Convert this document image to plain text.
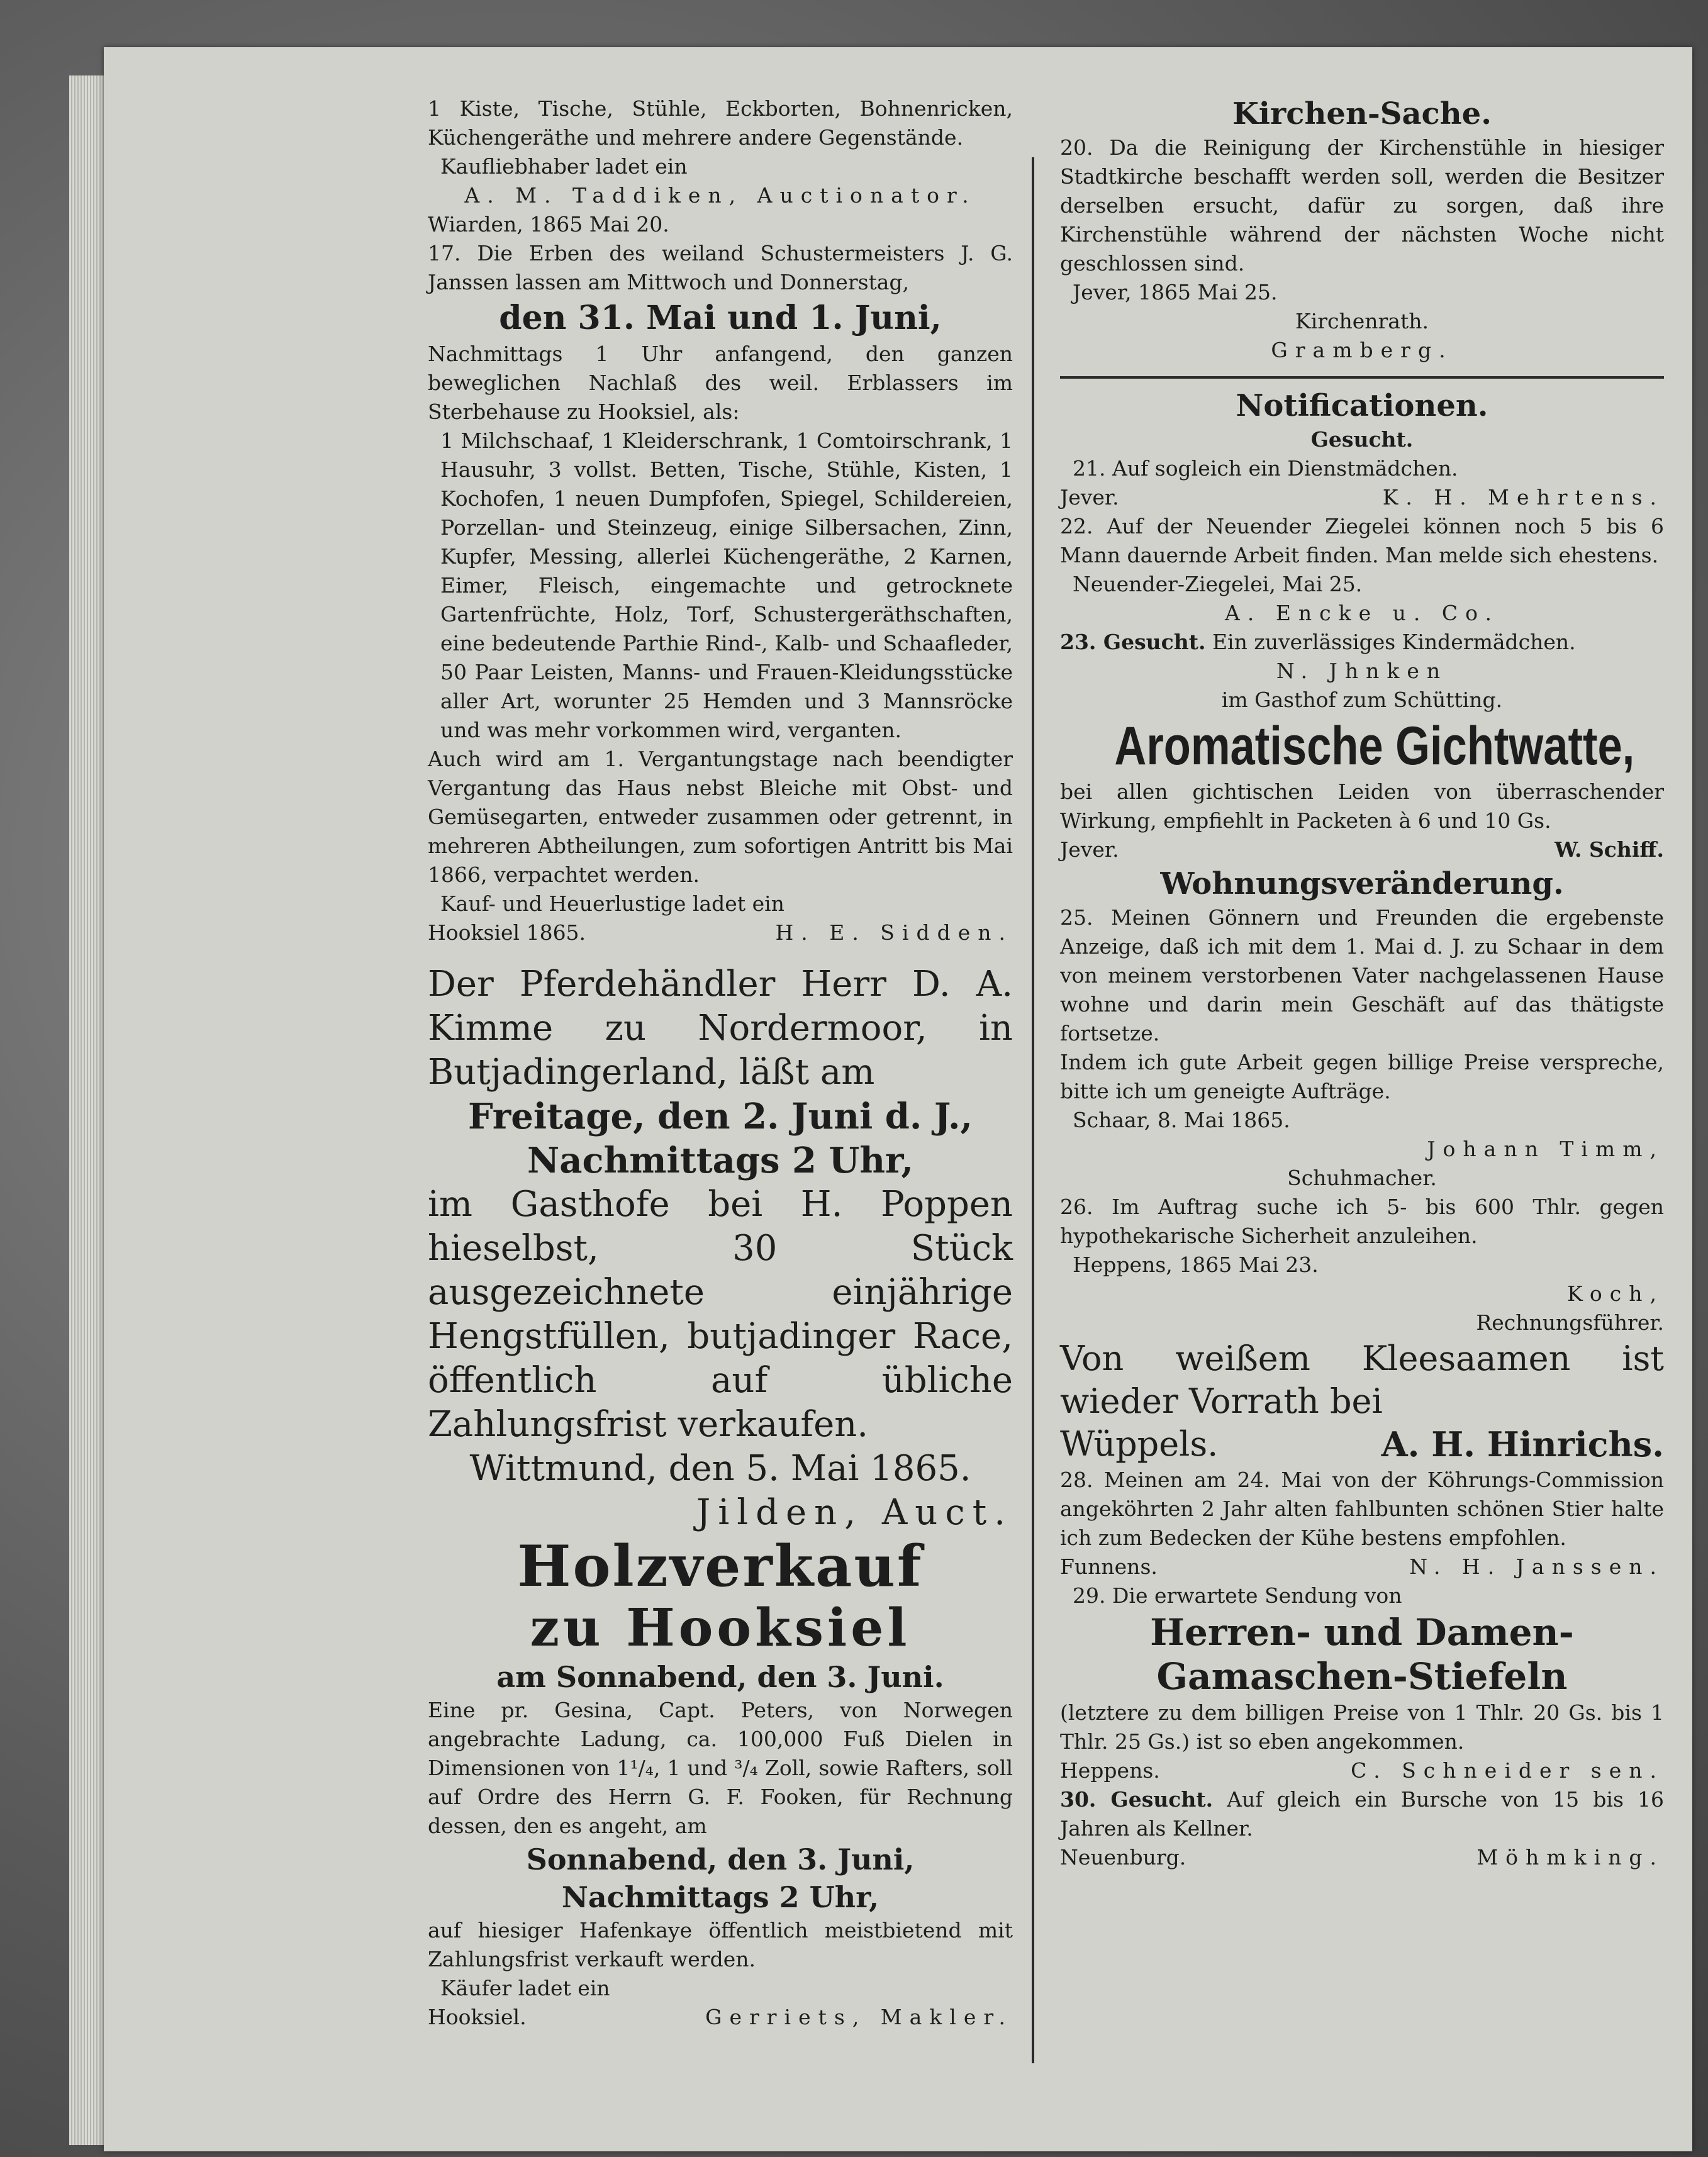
1 Kiste, Tische, Stühle, Eckborten, Bohnenricken, Küchengeräthe und mehrere andere Gegenstände.

Kaufliebhaber ladet ein

A. M. Taddiken, Auctionator.

Wiarden, 1865 Mai 20.

17. Die Erben des weiland Schustermeisters J. G. Janssen lassen am Mittwoch und Donnerstag,

den 31. Mai und 1. Juni,

Nachmittags 1 Uhr anfangend, den ganzen beweglichen Nachlaß des weil. Erblassers im Sterbehause zu Hooksiel, als:

1 Milchschaaf, 1 Kleiderschrank, 1 Comtoirschrank, 1 Hausuhr, 3 vollst. Betten, Tische, Stühle, Kisten, 1 Kochofen, 1 neuen Dumpfofen, Spiegel, Schildereien, Porzellan- und Steinzeug, einige Silbersachen, Zinn, Kupfer, Messing, allerlei Küchengeräthe, 2 Karnen, Eimer, Fleisch, eingemachte und getrocknete Gartenfrüchte, Holz, Torf, Schustergeräthschaften, eine bedeutende Parthie Rind-, Kalb- und Schaafleder, 50 Paar Leisten, Manns- und Frauen-Kleidungsstücke aller Art, worunter 25 Hemden und 3 Mannsröcke und was mehr vorkommen wird, verganten.

Auch wird am 1. Vergantungstage nach beendigter Vergantung das Haus nebst Bleiche mit Obst- und Gemüsegarten, entweder zusammen oder getrennt, in mehreren Abtheilungen, zum sofortigen Antritt bis Mai 1866, verpachtet werden.

Kauf- und Heuerlustige ladet ein

Hooksiel 1865.	H. E. Sidden.

Der Pferdehändler Herr D. A. Kimme zu Nordermoor, in Butjadingerland, läßt am

Freitage, den 2. Juni d. J.,

Nachmittags 2 Uhr,

im Gasthofe bei H. Poppen hieselbst, 30 Stück ausgezeichnete einjährige Hengstfüllen, butjadinger Race, öffentlich auf übliche Zahlungsfrist verkaufen.

Wittmund, den 5. Mai 1865.

Jilden, Auct.

Holzverkauf

zu Hooksiel

am Sonnabend, den 3. Juni.

Eine pr. Gesina, Capt. Peters, von Norwegen angebrachte Ladung, ca. 100,000 Fuß Dielen in Dimensionen von 1¹/₄, 1 und ³/₄ Zoll, sowie Rafters, soll auf Ordre des Herrn G. F. Fooken, für Rechnung dessen, den es angeht, am

Sonnabend, den 3. Juni,

Nachmittags 2 Uhr,

auf hiesiger Hafenkaye öffentlich meistbietend mit Zahlungsfrist verkauft werden.

Käufer ladet ein

Hooksiel.	Gerriets, Makler.

Kirchen-Sache.

20. Da die Reinigung der Kirchenstühle in hiesiger Stadtkirche beschafft werden soll, werden die Besitzer derselben ersucht, dafür zu sorgen, daß ihre Kirchenstühle während der nächsten Woche nicht geschlossen sind.

Jever, 1865 Mai 25.

Kirchenrath.

Gramberg.

Notificationen.

Gesucht.

21. Auf sogleich ein Dienstmädchen.

Jever.	K. H. Mehrtens.

22. Auf der Neuender Ziegelei können noch 5 bis 6 Mann dauernde Arbeit finden. Man melde sich ehestens.

Neuender-Ziegelei, Mai 25.

A. Encke u. Co.

23. Gesucht. Ein zuverlässiges Kindermädchen.

N. Jhnken

im Gasthof zum Schütting.

Aromatische Gichtwatte,

bei allen gichtischen Leiden von überraschender Wirkung, empfiehlt in Packeten à 6 und 10 Gs.

Jever.	W. Schiff.

Wohnungsveränderung.

25. Meinen Gönnern und Freunden die ergebenste Anzeige, daß ich mit dem 1. Mai d. J. zu Schaar in dem von meinem verstorbenen Vater nachgelassenen Hause wohne und darin mein Geschäft auf das thätigste fortsetze.

Indem ich gute Arbeit gegen billige Preise verspreche, bitte ich um geneigte Aufträge.

Schaar, 8. Mai 1865.

Johann Timm,

Schuhmacher.

26. Im Auftrag suche ich 5- bis 600 Thlr. gegen hypothekarische Sicherheit anzuleihen.

Heppens, 1865 Mai 23.

Koch,

Rechnungsführer.

Von weißem Kleesaamen ist wieder Vorrath bei

Wüppels.	A. H. Hinrichs.

28. Meinen am 24. Mai von der Köhrungs-Commission angeköhrten 2 Jahr alten fahlbunten schönen Stier halte ich zum Bedecken der Kühe bestens empfohlen.

Funnens.	N. H. Janssen.

29. Die erwartete Sendung von

Herren- und Damen-

Gamaschen-Stiefeln

(letztere zu dem billigen Preise von 1 Thlr. 20 Gs. bis 1 Thlr. 25 Gs.) ist so eben angekommen.

Heppens.	C. Schneider sen.

30. Gesucht. Auf gleich ein Bursche von 15 bis 16 Jahren als Kellner.

Neuenburg.	Möhmking.
